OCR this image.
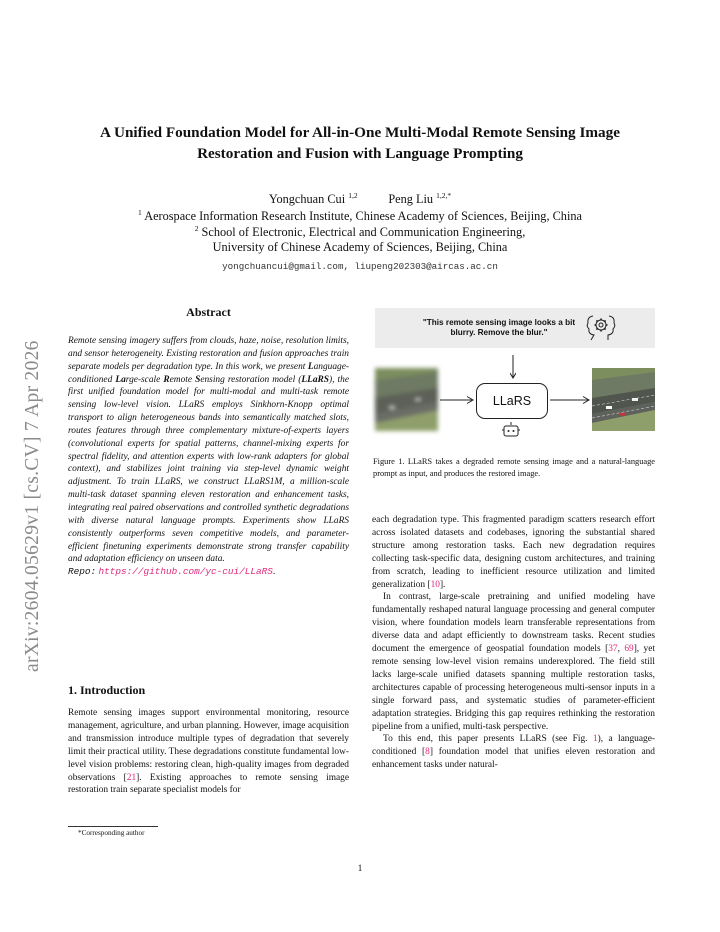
arXiv:2604.05629v1 [cs.CV] 7 Apr 2026
A Unified Foundation Model for All-in-One Multi-Modal Remote Sensing Image
Restoration and Fusion with Language Prompting
Yongchuan Cui $^{1,2}$	Peng Liu $^{1,2,*}$
$^1$ Aerospace Information Research Institute, Chinese Academy of Sciences, Beijing, China
$^2$ School of Electronic, Electrical and Communication Engineering,
University of Chinese Academy of Sciences, Beijing, China
yongchuancui@gmail.com, liupeng202303@aircas.ac.cn
Abstract
Remote sensing imagery suffers from clouds, haze, noise, resolution limits, and sensor heterogeneity. Existing restoration and fusion approaches train separate models per degradation type. In this work, we present Language-conditioned Large-scale Remote Sensing restoration model (LLaRS), the first unified foundation model for multi-modal and multi-task remote sensing low-level vision. LLaRS employs Sinkhorn-Knopp optimal transport to align heterogeneous bands into semantically matched slots, routes features through three complementary mixture-of-experts layers (convolutional experts for spatial patterns, channel-mixing experts for spectral fidelity, and attention experts with low-rank adapters for global context), and stabilizes joint training via step-level dynamic weight adjustment. To train LLaRS, we construct LLaRS1M, a million-scale multi-task dataset spanning eleven restoration and enhancement tasks, integrating real paired observations and controlled synthetic degradations with diverse natural language prompts. Experiments show LLaRS consistently outperforms seven competitive models, and parameter-efficient finetuning experiments demonstrate strong transfer capability and adaptation efficiency on unseen data.
Repo: https://github.com/yc-cui/LLaRS.
1. Introduction

Remote sensing images support environmental monitoring, resource management, agriculture, and urban planning. However, image acquisition and transmission introduce multiple types of degradation that severely limit their practical utility. These degradations constitute fundamental low-level vision problems: restoring clean, high-quality images from degraded observations [21]. Existing approaches to remote sensing image restoration train separate specialist models for

*Corresponding author
"This remote sensing image looks a bit blurry. Remove the blur."
LLaRS
Figure 1. LLaRS takes a degraded remote sensing image and a natural-language prompt as input, and produces the restored image.

each degradation type. This fragmented paradigm scatters research effort across isolated datasets and codebases, ignoring the substantial shared structure among restoration tasks. Each new degradation requires collecting task-specific data, designing custom architectures, and training from scratch, leading to inefficient resource utilization and limited generalization [10].

In contrast, large-scale pretraining and unified modeling have fundamentally reshaped natural language processing and general computer vision, where foundation models learn transferable representations from diverse data and adapt efficiently to downstream tasks. Recent studies document the emergence of geospatial foundation models [37, 69], yet remote sensing low-level vision remains underexplored. The field still lacks large-scale unified datasets spanning multiple restoration tasks, architectures capable of processing heterogeneous multi-sensor inputs in a single forward pass, and systematic studies of parameter-efficient adaptation strategies. Bridging this gap requires rethinking the restoration pipeline from a unified, multi-task perspective.

To this end, this paper presents LLaRS (see Fig. 1), a language-conditioned [8] foundation model that unifies eleven restoration and enhancement tasks under natural-

1
